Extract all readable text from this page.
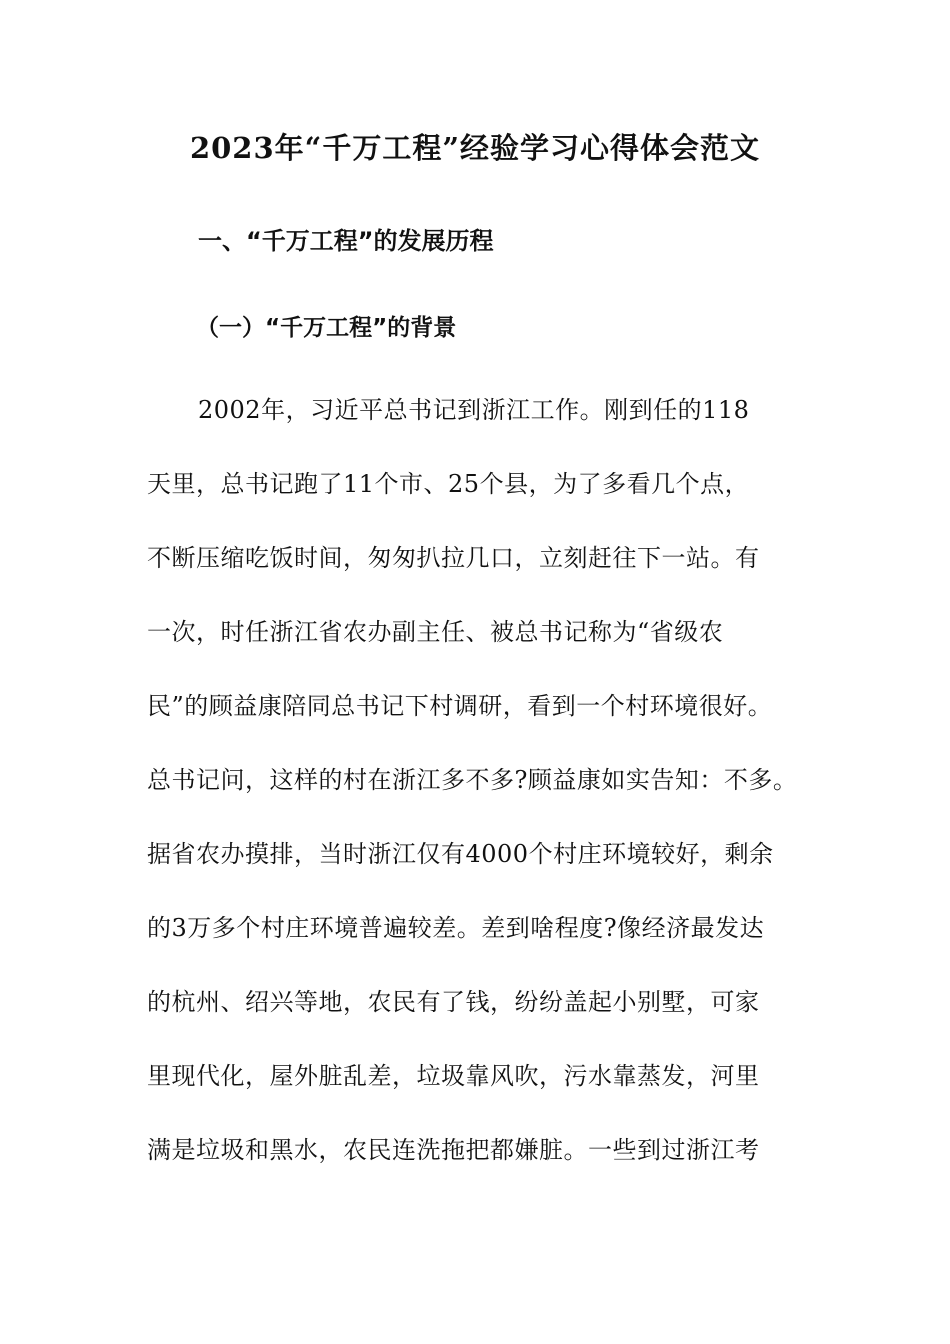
2023年“千万工程”经验学习心得体会范文
一、“千万工程”的发展历程
（一）“千万工程”的背景

2002年，习近平总书记到浙江工作。刚到任的118

天里，总书记跑了11个市、25个县，为了多看几个点，

不断压缩吃饭时间，匆匆扒拉几口，立刻赶往下一站。有

一次，时任浙江省农办副主任、被总书记称为“省级农

民”的顾益康陪同总书记下村调研，看到一个村环境很好。

总书记问，这样的村在浙江多不多?顾益康如实告知：不多。

据省农办摸排，当时浙江仅有4000个村庄环境较好，剩余

的3万多个村庄环境普遍较差。差到啥程度?像经济最发达

的杭州、绍兴等地，农民有了钱，纷纷盖起小别墅，可家

里现代化，屋外脏乱差，垃圾靠风吹，污水靠蒸发，河里

满是垃圾和黑水，农民连洗拖把都嫌脏。一些到过浙江考
